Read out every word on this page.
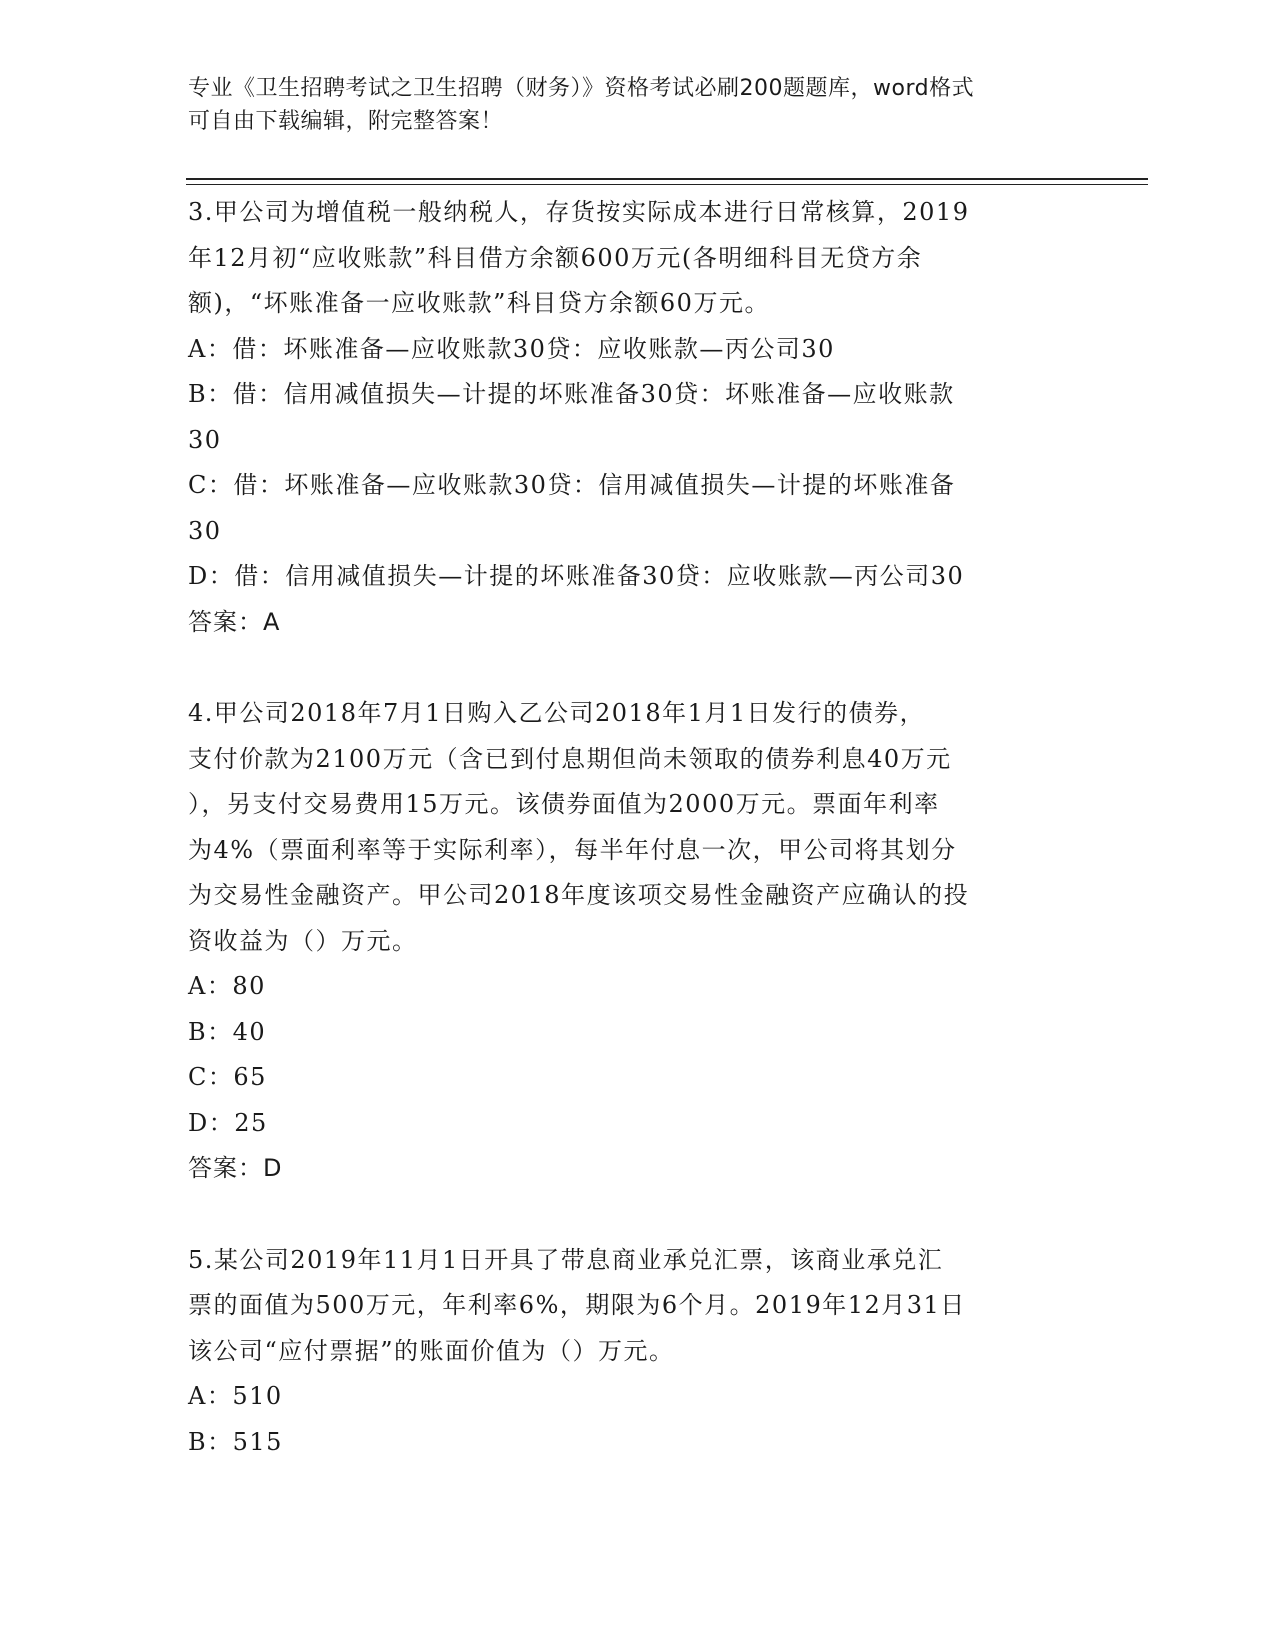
专业《卫生招聘考试之卫生招聘（财务）》资格考试必刷200题题库，word格式

可自由下载编辑，附完整答案！

3.甲公司为增值税一般纳税人，存货按实际成本进行日常核算，2019
年12月初“应收账款”科目借方余额600万元(各明细科目无贷方余
额)，“坏账准备一应收账款”科目贷方余额60万元。
A：借：坏账准备—应收账款30贷：应收账款—丙公司30
B：借：信用减值损失—计提的坏账准备30贷：坏账准备—应收账款
30
C：借：坏账准备—应收账款30贷：信用减值损失—计提的坏账准备
30
D：借：信用减值损失—计提的坏账准备30贷：应收账款—丙公司30
答案：A
4.甲公司2018年7月1日购入乙公司2018年1月1日发行的债券，
支付价款为2100万元（含已到付息期但尚未领取的债券利息40万元
），另支付交易费用15万元。该债券面值为2000万元。票面年利率
为4%（票面利率等于实际利率），每半年付息一次，甲公司将其划分
为交易性金融资产。甲公司2018年度该项交易性金融资产应确认的投
资收益为（）万元。
A：80
B：40
C：65
D：25
答案：D
5.某公司2019年11月1日开具了带息商业承兑汇票，该商业承兑汇
票的面值为500万元，年利率6%，期限为6个月。2019年12月31日
该公司“应付票据”的账面价值为（）万元。
A：510
B：515
